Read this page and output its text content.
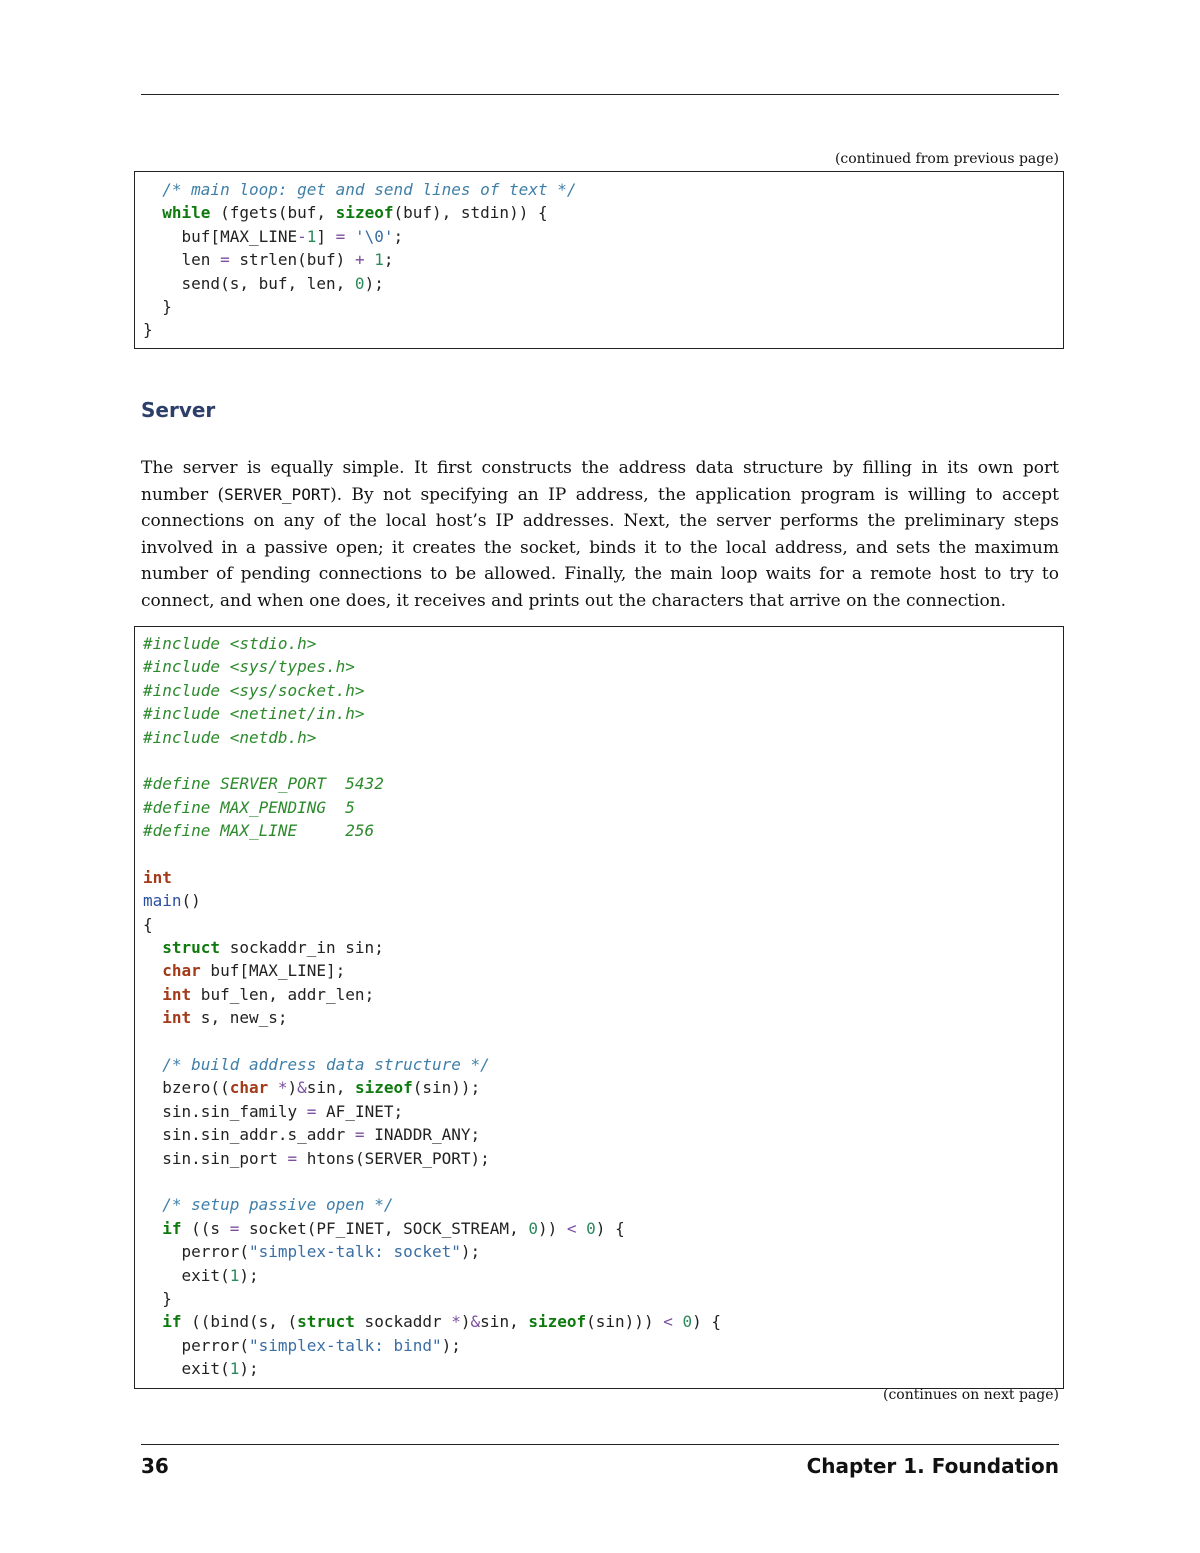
(continued from previous page)
/* main loop: get and send lines of text */
while (fgets(buf, sizeof(buf), stdin)) {
buf[MAX_LINE-1] = '\0';
len = strlen(buf) + 1;
send(s, buf, len, 0);
}
}
Server

The server is equally simple. It first constructs the address data structure by filling in its own port number (SERVER_PORT). By not specifying an IP address, the application program is willing to accept connections on any of the local host’s IP addresses. Next, the server performs the preliminary steps involved in a passive open; it creates the socket, binds it to the local address, and sets the maximum number of pending connections to be allowed. Finally, the main loop waits for a remote host to try to connect, and when one does, it receives and prints out the characters that arrive on the connection.

#include <stdio.h>
#include <sys/types.h>
#include <sys/socket.h>
#include <netinet/in.h>
#include <netdb.h>

#define SERVER_PORT  5432
#define MAX_PENDING  5
#define MAX_LINE     256

int
main()
{
struct sockaddr_in sin;
char buf[MAX_LINE];
int buf_len, addr_len;
int s, new_s;

/* build address data structure */
bzero((char *)&sin, sizeof(sin));
sin.sin_family = AF_INET;
sin.sin_addr.s_addr = INADDR_ANY;
sin.sin_port = htons(SERVER_PORT);

/* setup passive open */
if ((s = socket(PF_INET, SOCK_STREAM, 0)) < 0) {
perror("simplex-talk: socket");
exit(1);
}
if ((bind(s, (struct sockaddr *)&sin, sizeof(sin))) < 0) {
perror("simplex-talk: bind");
exit(1);
(continues on next page)
36	Chapter 1. Foundation
